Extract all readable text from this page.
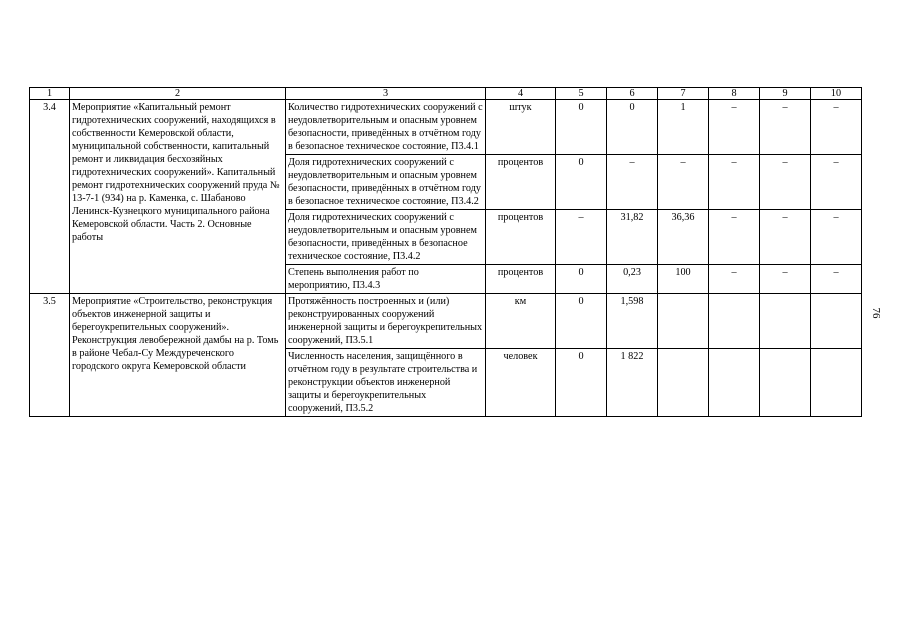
1	2	3	4	5	6	7	8	9	10
3.4	Мероприятие «Капитальный ремонт гидротехнических сооружений, находящихся в собственности Кемеровской области, муниципальной собственности, капитальный ремонт и ликвидация бесхозяйных гидротехнических сооружений». Капитальный ремонт гидротехнических сооружений пруда № 13-7-1 (934) на р. Каменка, с. Шабаново Ленинск-Кузнецкого муниципального района Кемеровской области. Часть 2. Основные работы	Количество гидротехнических сооружений с неудовлетворительным и опасным уровнем безопасности, приведённых в отчётном году в безопасное техническое состояние, П3.4.1	штук	0	0	1	–	–	–
		Доля гидротехнических сооружений с неудовлетворительным и опасным уровнем безопасности, приведённых в отчётном году в безопасное техническое состояние, П3.4.2	процентов	0	–	–	–	–	–
		Доля гидротехнических сооружений с неудовлетворительным и опасным уровнем безопасности, приведённых в безопасное техническое состояние, П3.4.2	процентов	–	31,82	36,36	–	–	–
		Степень выполнения работ по мероприятию, П3.4.3	процентов	0	0,23	100	–	–	–
3.5	Мероприятие «Строительство, реконструкция объектов инженерной защиты и берегоукрепительных сооружений». Реконструкция левобережной дамбы на р. Томь в районе Чебал-Су Междуреченского городского округа Кемеровской области	Протяжённость построенных и (или) реконструированных сооружений инженерной защиты и берегоукрепительных сооружений, П3.5.1	км	0	1,598				
		Численность населения, защищённого в отчётном году в результате строительства и реконструкции объектов инженерной защиты и берегоукрепительных сооружений, П3.5.2	человек	0	1 822				
76
